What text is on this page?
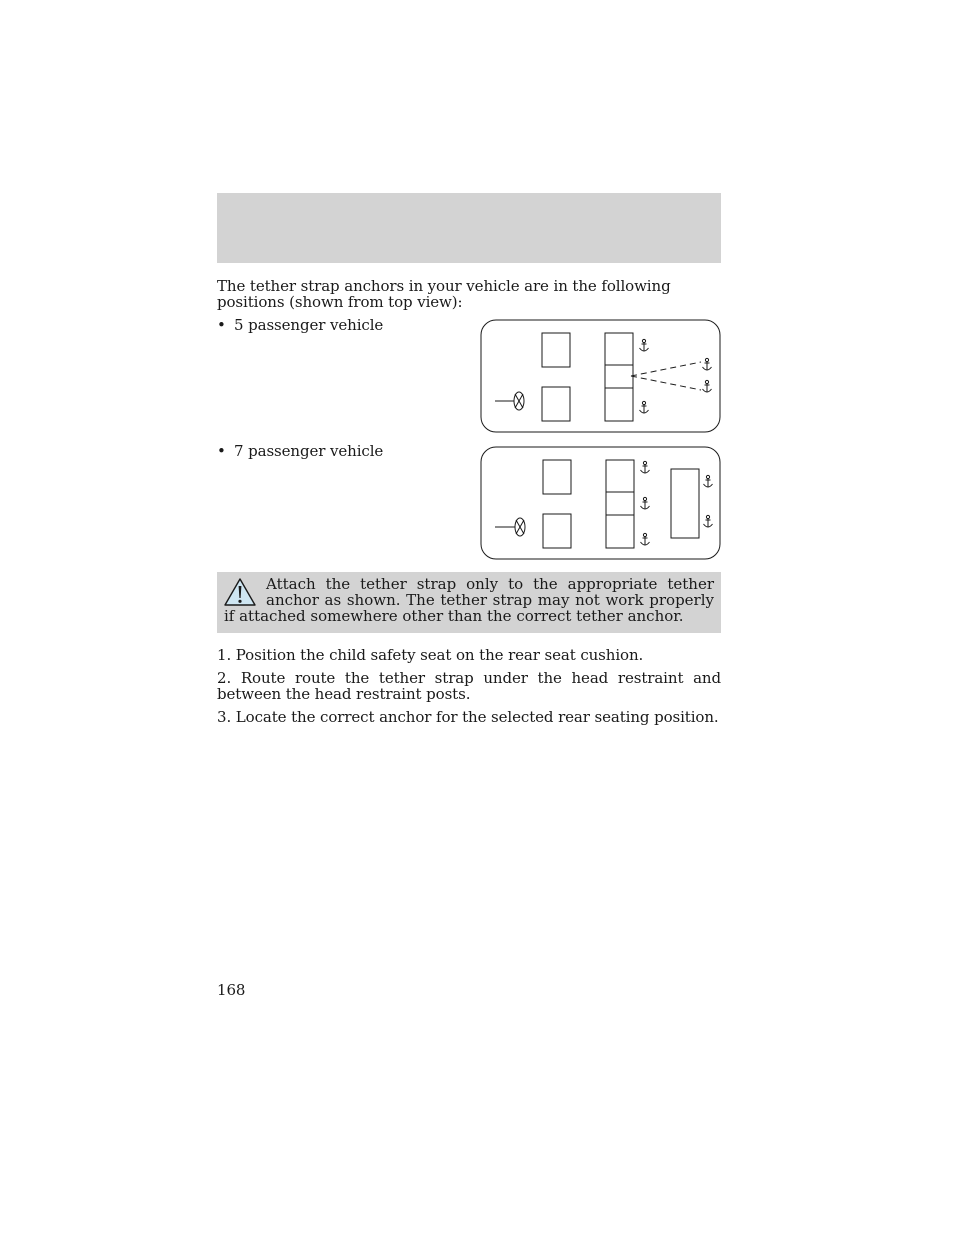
The tether strap anchors in your vehicle are in the following positions (shown from top view):
• 5 passenger vehicle
• 7 passenger vehicle
Attach the tether strap only to the appropriate tether anchor as shown. The tether strap may not work properly if attached somewhere other than the correct tether anchor.
1. Position the child safety seat on the rear seat cushion.
2. Route route the tether strap under the head restraint and between the head restraint posts.
3. Locate the correct anchor for the selected rear seating position.
168
